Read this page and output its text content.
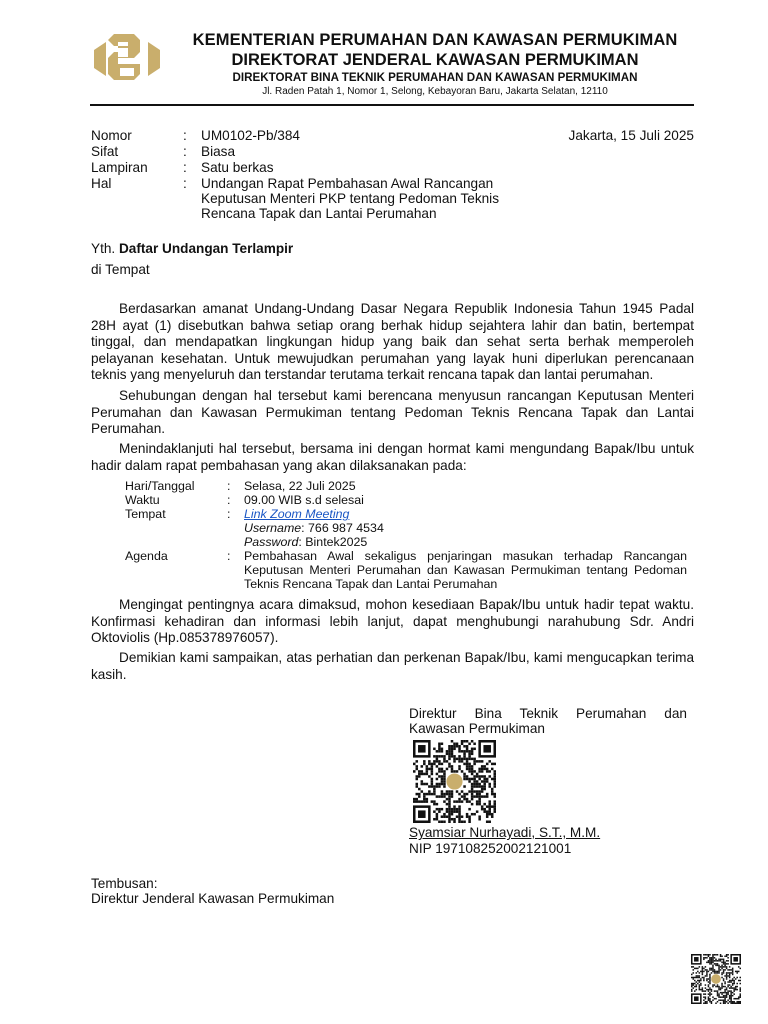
KEMENTERIAN PERUMAHAN DAN KAWASAN PERMUKIMAN
DIREKTORAT JENDERAL KAWASAN PERMUKIMAN
DIREKTORAT BINA TEKNIK PERUMAHAN DAN KAWASAN PERMUKIMAN
Jl. Raden Patah 1, Nomor 1, Selong, Kebayoran Baru, Jakarta Selatan, 12110
Nomor	: UM0102-Pb/384
Sifat	: Biasa
Lampiran	: Satu berkas
Hal	: Undangan Rapat Pembahasan Awal Rancangan
Keputusan Menteri PKP tentang Pedoman Teknis
Rencana Tapak dan Lantai Perumahan
Jakarta, 15 Juli 2025
Yth. Daftar Undangan Terlampir
di Tempat
Berdasarkan amanat Undang-Undang Dasar Negara Republik Indonesia Tahun 1945 Padal 28H ayat (1) disebutkan bahwa setiap orang berhak hidup sejahtera lahir dan batin, bertempat tinggal, dan mendapatkan lingkungan hidup yang baik dan sehat serta berhak memperoleh pelayanan kesehatan. Untuk mewujudkan perumahan yang layak huni diperlukan perencanaan teknis yang menyeluruh dan terstandar terutama terkait rencana tapak dan lantai perumahan.
Sehubungan dengan hal tersebut kami berencana menyusun rancangan Keputusan Menteri Perumahan dan Kawasan Permukiman tentang Pedoman Teknis Rencana Tapak dan Lantai Perumahan.
Menindaklanjuti hal tersebut, bersama ini dengan hormat kami mengundang Bapak/Ibu untuk hadir dalam rapat pembahasan yang akan dilaksanakan pada:
Hari/Tanggal	: Selasa, 22 Juli 2025
Waktu	: 09.00 WIB s.d selesai
Tempat	: Link Zoom Meeting
Username: 766 987 4534
Password: Bintek2025
Agenda	: Pembahasan Awal sekaligus penjaringan masukan terhadap Rancangan Keputusan Menteri Perumahan dan Kawasan Permukiman tentang Pedoman Teknis Rencana Tapak dan Lantai Perumahan
Mengingat pentingnya acara dimaksud, mohon kesediaan Bapak/Ibu untuk hadir tepat waktu. Konfirmasi kehadiran dan informasi lebih lanjut, dapat menghubungi narahubung Sdr. Andri Oktoviolis (Hp.085378976057).
Demikian kami sampaikan, atas perhatian dan perkenan Bapak/Ibu, kami mengucapkan terima kasih.
Direktur Bina Teknik Perumahan dan
Kawasan Permukiman
Syamsiar Nurhayadi, S.T., M.M.
NIP 197108252002121001
Tembusan:
Direktur Jenderal Kawasan Permukiman
